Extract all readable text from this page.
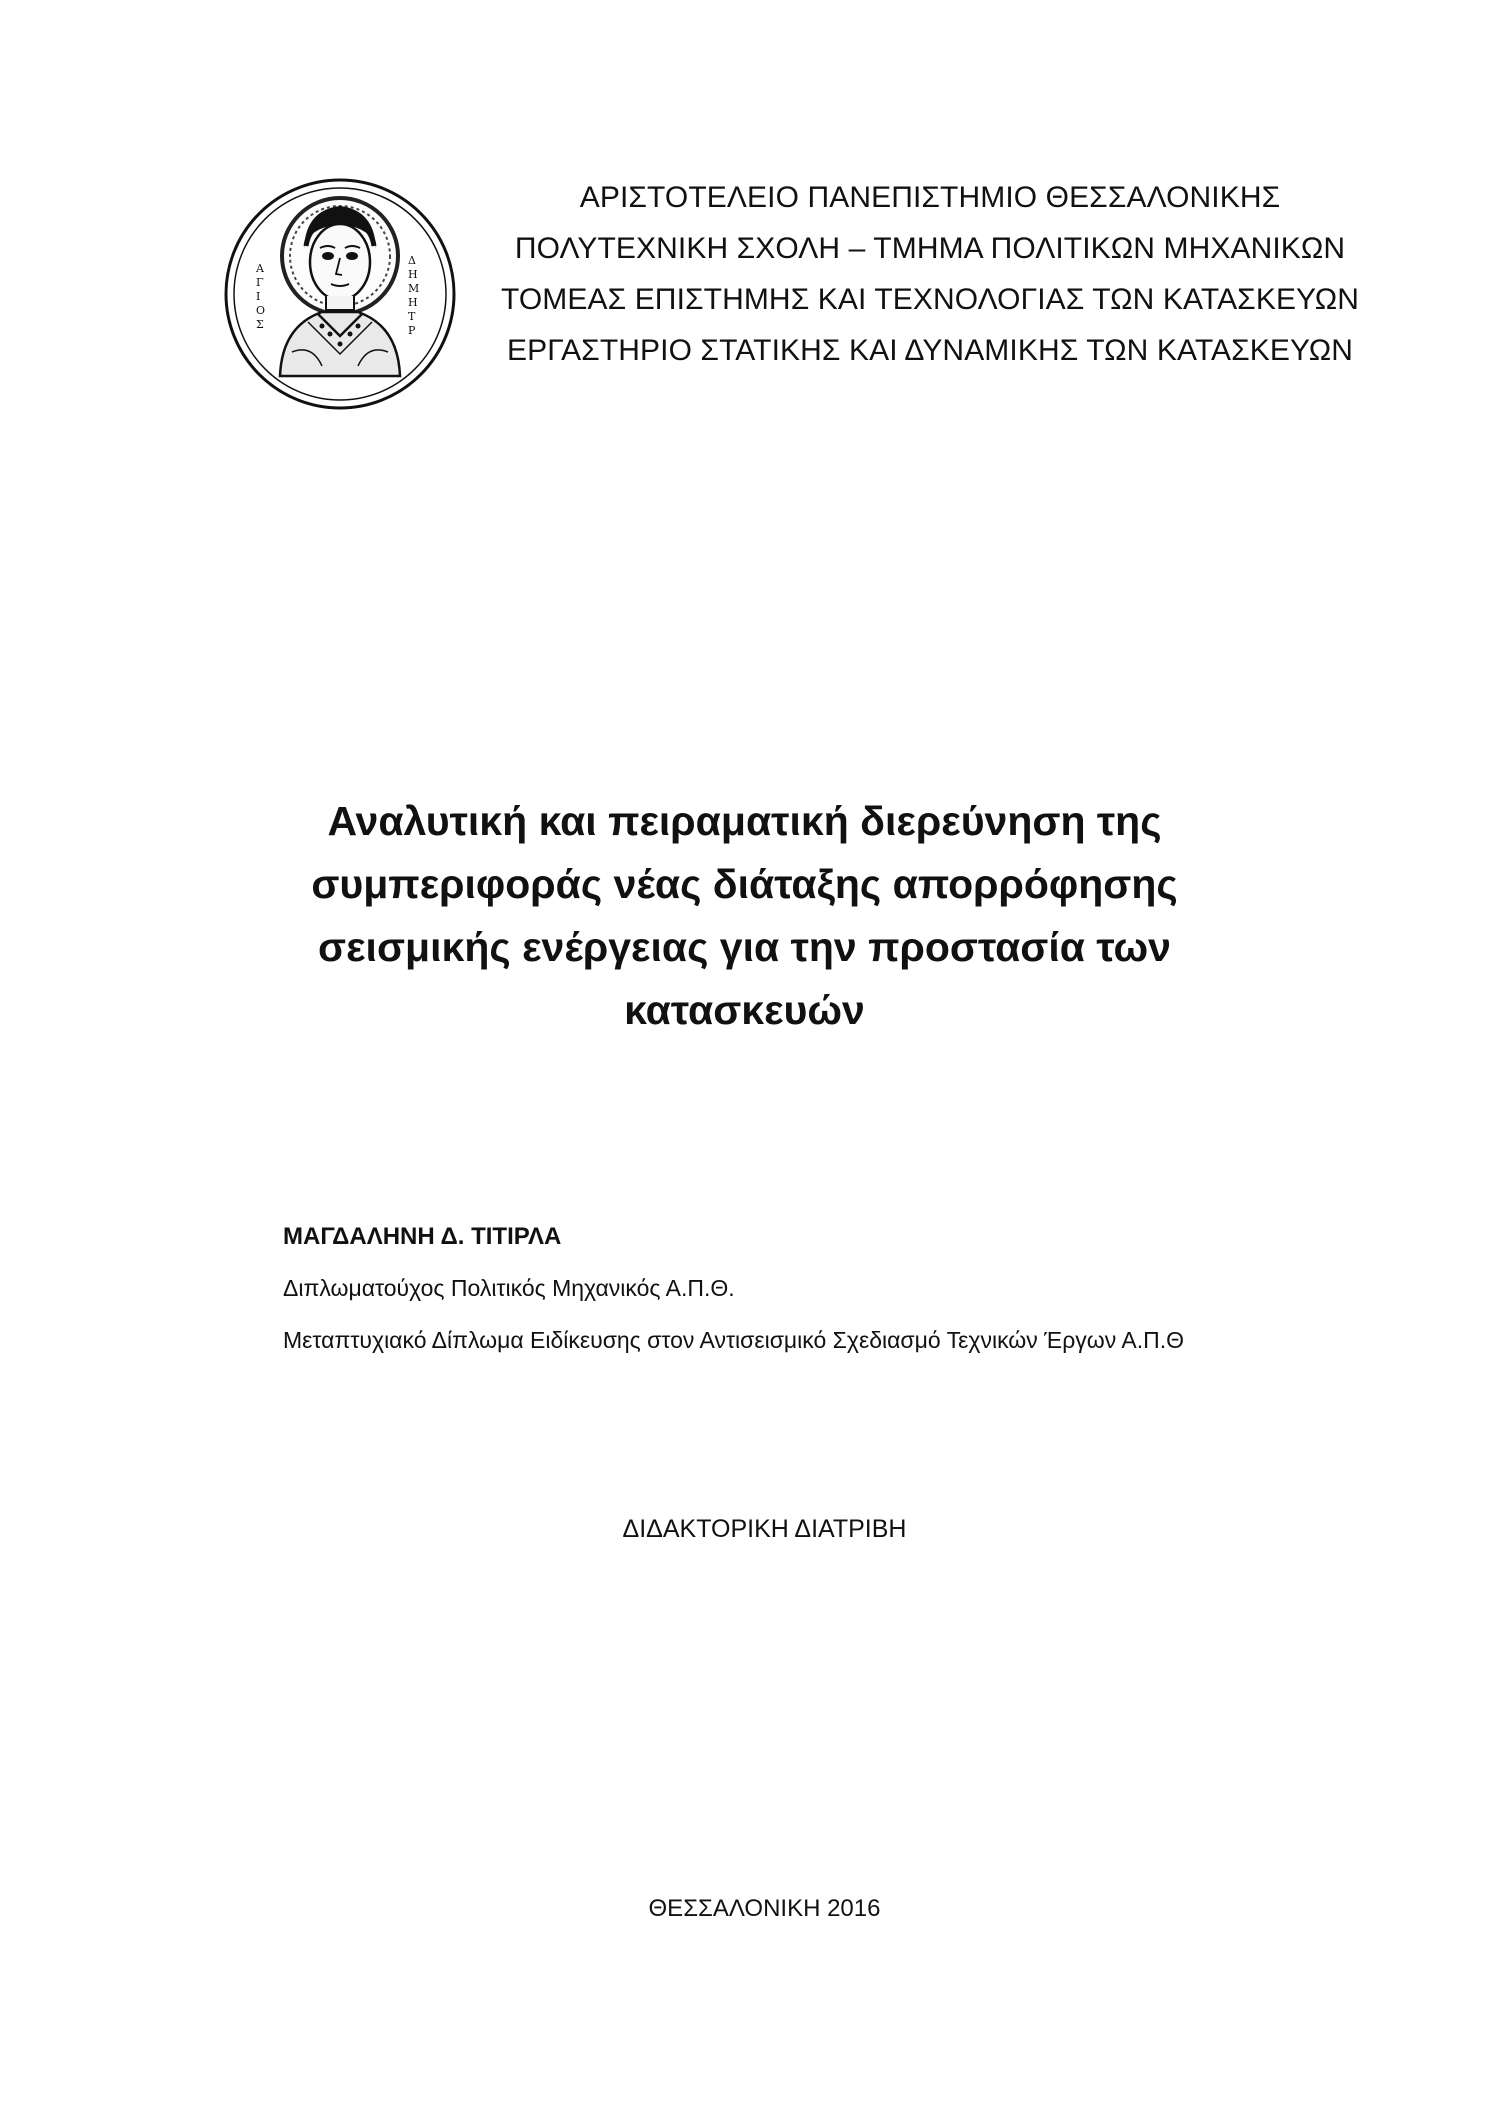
Α
Γ
Ι
Ο
Σ
Δ
Η
Μ
Η
Τ
Ρ
ΑΡΙΣΤΟΤΕΛΕΙΟ ΠΑΝΕΠΙΣΤΗΜΙΟ ΘΕΣΣΑΛΟΝΙΚΗΣ
ΠΟΛΥΤΕΧΝΙΚΗ ΣΧΟΛΗ – ΤΜΗΜΑ ΠΟΛΙΤΙΚΩΝ ΜΗΧΑΝΙΚΩΝ
ΤΟΜΕΑΣ ΕΠΙΣΤΗΜΗΣ ΚΑΙ ΤΕΧΝΟΛΟΓΙΑΣ ΤΩΝ ΚΑΤΑΣΚΕΥΩΝ
ΕΡΓΑΣΤΗΡΙΟ ΣΤΑΤΙΚΗΣ ΚΑΙ ΔΥΝΑΜΙΚΗΣ ΤΩΝ ΚΑΤΑΣΚΕΥΩΝ
Αναλυτική και πειραματική διερεύνηση της
συμπεριφοράς νέας διάταξης απορρόφησης
σεισμικής ενέργειας για την προστασία των
κατασκευών
ΜΑΓΔΑΛΗΝΗ Δ. ΤΙΤΙΡΛΑ
Διπλωματούχος Πολιτικός Μηχανικός Α.Π.Θ.
Μεταπτυχιακό Δίπλωμα Ειδίκευσης στον Αντισεισμικό Σχεδιασμό Τεχνικών Έργων Α.Π.Θ
ΔΙΔΑΚΤΟΡΙΚΗ ΔΙΑΤΡΙΒΗ
ΘΕΣΣΑΛΟΝΙΚΗ 2016
